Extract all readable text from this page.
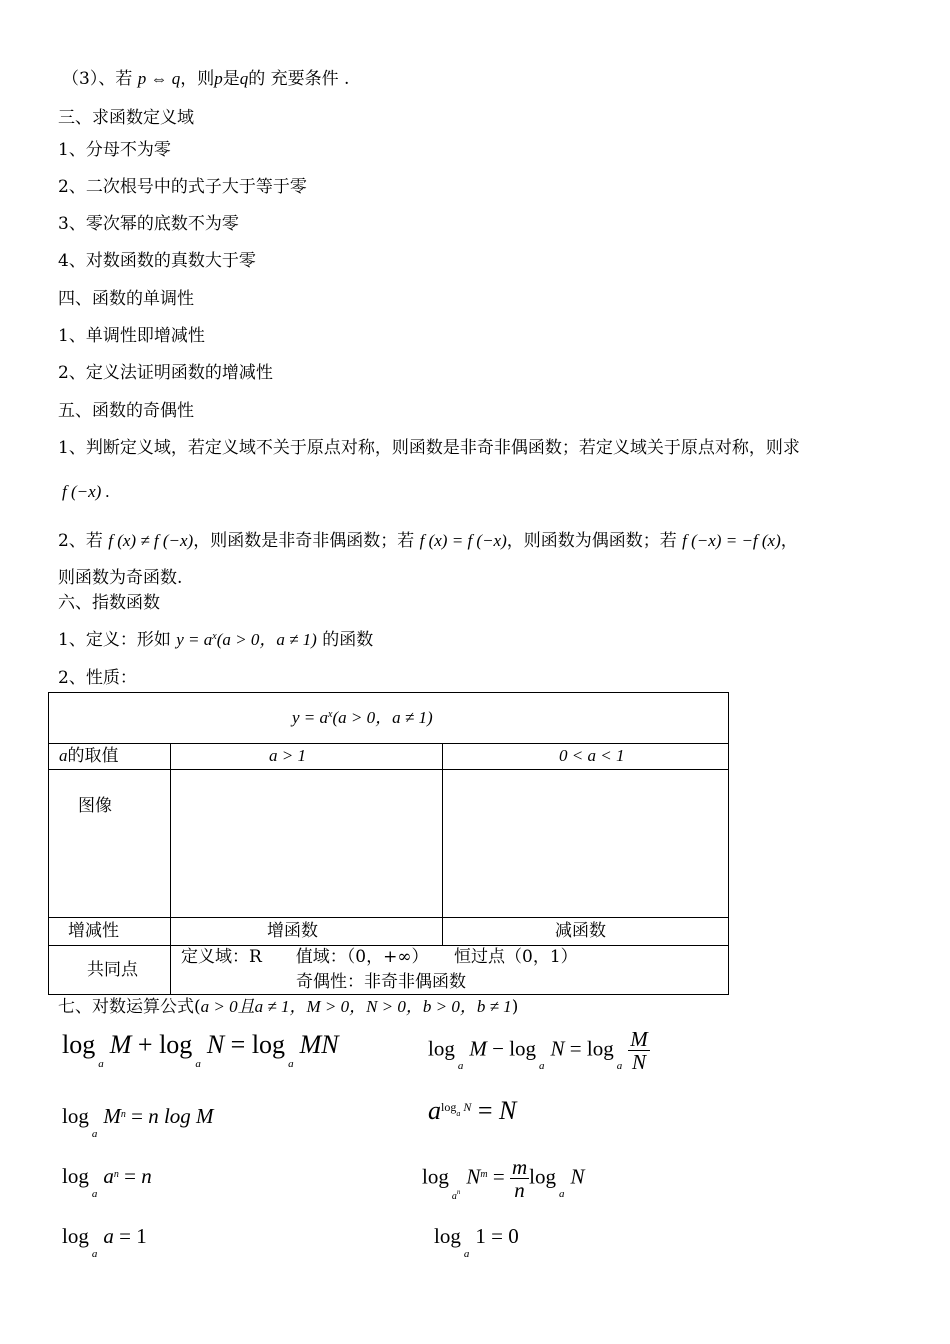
（3）、若 p ⇔ q，则p是q的 充要条件 .
三、求函数定义域
1、分母不为零
2、二次根号中的式子大于等于零
3、零次幂的底数不为零
4、对数函数的真数大于零
四、函数的单调性
1、单调性即增减性
2、定义法证明函数的增减性
五、函数的奇偶性
1、判断定义域，若定义域不关于原点对称，则函数是非奇非偶函数；若定义域关于原点对称，则求
f (−x) .
2、若 f (x) ≠ f (−x)，则函数是非奇非偶函数；若 f (x) = f (−x)，则函数为偶函数；若 f (−x) = −f (x)，
则函数为奇函数.
六、指数函数
1、定义：形如 $y = a^x(a > 0$，a ≠ 1) 的函数
2、性质：
$y = a^x(a > 0$，a ≠ 1)
a的取值	a > 1	0 < a < 1
图像
增减性	增函数	减函数
共同点
定义域：R　　值域：（0，+∞）　　恒过点（0，1）
奇偶性：非奇非偶函数
七、对数运算公式(a > 0且a ≠ 1，M > 0，N > 0，b > 0，b ≠ 1)
$\log_aM + \log_aN = \log_aMN$	$\log_aM - \log_aN = \log_a \frac{M}{N}$
$\log_aM^n = n$ log M	$a^{log_a N} = N$
$\log_aa^n = n$	$\log_{a^n}N^m = \frac{m}{n} \log_aN$
$\log_aa = 1$	$\log_a1 = 0$
